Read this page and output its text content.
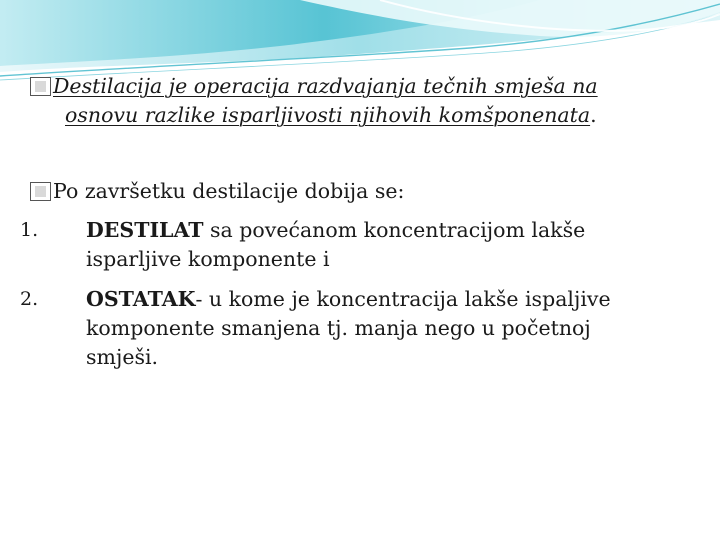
Destilacija je operacija razdvajanja tečnih smješa na
osnovu razlike isparljivosti njihovih komšponenata.
Po završetku destilacije dobija se:
1. DESTILAT sa povećanom koncentracijom lakše
isparljive komponente i
2. OSTATAK- u kome je koncentracija lakše ispaljive
komponente smanjena tj. manja nego u početnoj
smješi.
